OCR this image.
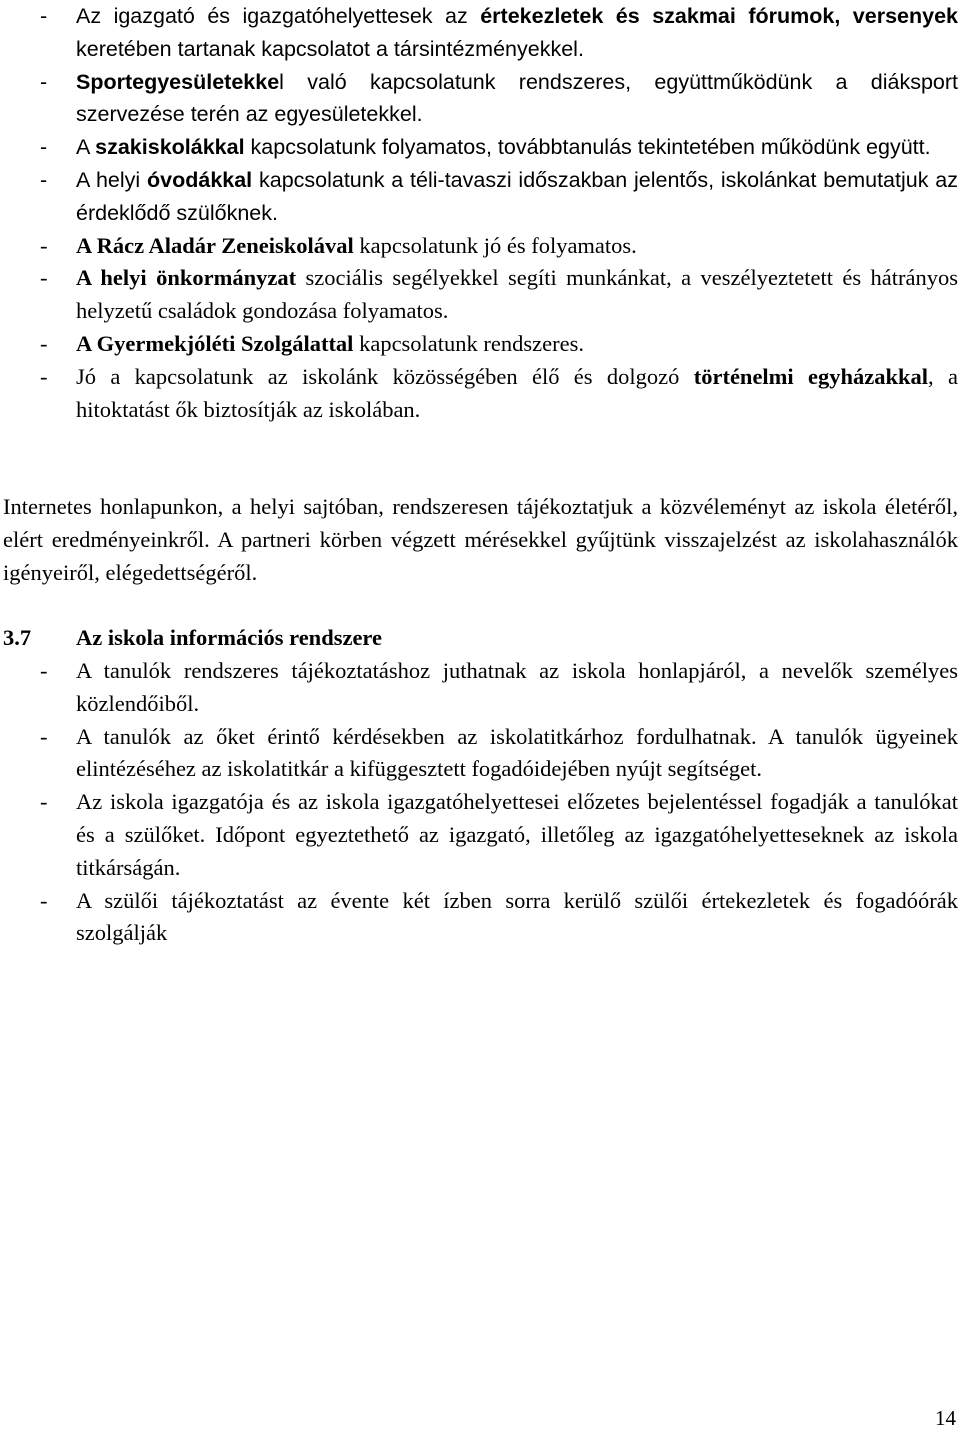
- Az igazgató és igazgatóhelyettesek az értekezletek és szakmai fórumok, versenyek keretében tartanak kapcsolatot a társintézményekkel.
- Sportegyesületekkel való kapcsolatunk rendszeres, együttműködünk a diáksport szervezése terén az egyesületekkel.
- A szakiskolákkal kapcsolatunk folyamatos, továbbtanulás tekintetében működünk együtt.
- A helyi óvodákkal kapcsolatunk a téli-tavaszi időszakban jelentős, iskolánkat bemutatjuk az érdeklődő szülőknek.
- A Rácz Aladár Zeneiskolával kapcsolatunk jó és folyamatos.
- A helyi önkormányzat szociális segélyekkel segíti munkánkat, a veszélyeztetett és hátrányos helyzetű családok gondozása folyamatos.
- A Gyermekjóléti Szolgálattal kapcsolatunk rendszeres.
- Jó a kapcsolatunk az iskolánk közösségében élő és dolgozó történelmi egyházakkal, a hitoktatást ők biztosítják az iskolában.

Internetes honlapunkon, a helyi sajtóban, rendszeresen tájékoztatjuk a közvéleményt az iskola életéről, elért eredményeinkről. A partneri körben végzett mérésekkel gyűjtünk visszajelzést az iskolahasználók igényeiről, elégedettségéről.

3.7 Az iskola információs rendszere
- A tanulók rendszeres tájékoztatáshoz juthatnak az iskola honlapjáról, a nevelők személyes közlendőiből.
- A tanulók az őket érintő kérdésekben az iskolatitkárhoz fordulhatnak. A tanulók ügyeinek elintézéséhez az iskolatitkár a kifüggesztett fogadóidejében nyújt segítséget.
- Az iskola igazgatója és az iskola igazgatóhelyettesei előzetes bejelentéssel fogadják a tanulókat és a szülőket. Időpont egyeztethető az igazgató, illetőleg az igazgatóhelyetteseknek az iskola titkárságán.
- A szülői tájékoztatást az évente két ízben sorra kerülő szülői értekezletek és fogadóórák szolgálják
14
